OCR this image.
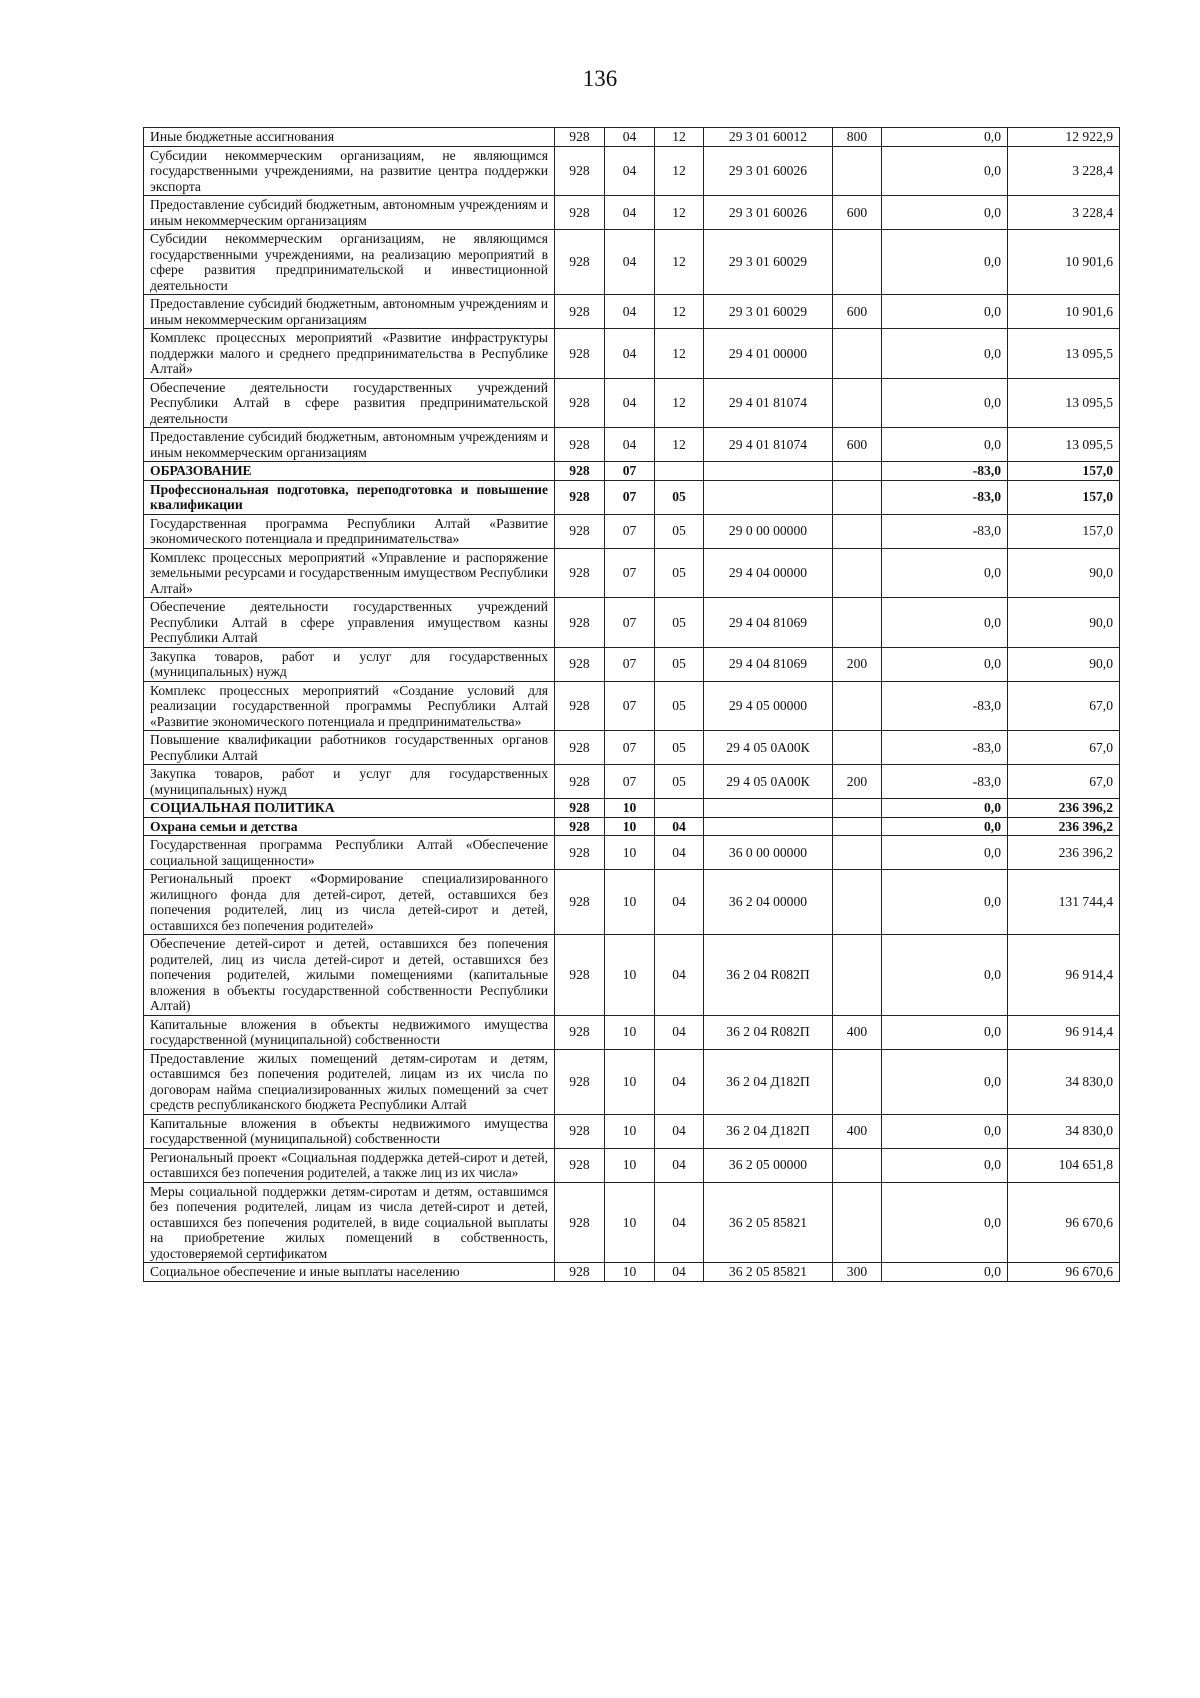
136
Иные бюджетные ассигнования	928	04	12	29 3 01 60012	800	0,0	12 922,9
Субсидии некоммерческим организациям, не являющимся государственными учреждениями, на развитие центра поддержки экспорта	928	04	12	29 3 01 60026		0,0	3 228,4
Предоставление субсидий бюджетным, автономным учреждениям и иным некоммерческим организациям	928	04	12	29 3 01 60026	600	0,0	3 228,4
Субсидии некоммерческим организациям, не являющимся государственными учреждениями, на реализацию мероприятий в сфере развития предпринимательской и инвестиционной деятельности	928	04	12	29 3 01 60029		0,0	10 901,6
Предоставление субсидий бюджетным, автономным учреждениям и иным некоммерческим организациям	928	04	12	29 3 01 60029	600	0,0	10 901,6
Комплекс процессных мероприятий «Развитие инфраструктуры поддержки малого и среднего предпринимательства в Республике Алтай»	928	04	12	29 4 01 00000		0,0	13 095,5
Обеспечение деятельности государственных учреждений Республики Алтай в сфере развития предпринимательской деятельности	928	04	12	29 4 01 81074		0,0	13 095,5
Предоставление субсидий бюджетным, автономным учреждениям и иным некоммерческим организациям	928	04	12	29 4 01 81074	600	0,0	13 095,5
ОБРАЗОВАНИЕ	928	07				-83,0	157,0
Профессиональная подготовка, переподготовка и повышение квалификации	928	07	05			-83,0	157,0
Государственная программа Республики Алтай «Развитие экономического потенциала и предпринимательства»	928	07	05	29 0 00 00000		-83,0	157,0
Комплекс процессных мероприятий «Управление и распоряжение земельными ресурсами и государственным имуществом Республики Алтай»	928	07	05	29 4 04 00000		0,0	90,0
Обеспечение деятельности государственных учреждений Республики Алтай в сфере управления имуществом казны Республики Алтай	928	07	05	29 4 04 81069		0,0	90,0
Закупка товаров, работ и услуг для государственных (муниципальных) нужд	928	07	05	29 4 04 81069	200	0,0	90,0
Комплекс процессных мероприятий «Создание условий для реализации государственной программы Республики Алтай «Развитие экономического потенциала и предпринимательства»	928	07	05	29 4 05 00000		-83,0	67,0
Повышение квалификации работников государственных органов Республики Алтай	928	07	05	29 4 05 0А00К		-83,0	67,0
Закупка товаров, работ и услуг для государственных (муниципальных) нужд	928	07	05	29 4 05 0А00К	200	-83,0	67,0
СОЦИАЛЬНАЯ ПОЛИТИКА	928	10				0,0	236 396,2
Охрана семьи и детства	928	10	04			0,0	236 396,2
Государственная программа Республики Алтай «Обеспечение социальной защищенности»	928	10	04	36 0 00 00000		0,0	236 396,2
Региональный проект «Формирование специализированного жилищного фонда для детей-сирот, детей, оставшихся без попечения родителей, лиц из числа детей-сирот и детей, оставшихся без попечения родителей»	928	10	04	36 2 04 00000		0,0	131 744,4
Обеспечение детей-сирот и детей, оставшихся без попечения родителей, лиц из числа детей-сирот и детей, оставшихся без попечения родителей, жилыми помещениями (капитальные вложения в объекты государственной собственности Республики Алтай)	928	10	04	36 2 04 R082П		0,0	96 914,4
Капитальные вложения в объекты недвижимого имущества государственной (муниципальной) собственности	928	10	04	36 2 04 R082П	400	0,0	96 914,4
Предоставление жилых помещений детям-сиротам и детям, оставшимся без попечения родителей, лицам из их числа по договорам найма специализированных жилых помещений за счет средств республиканского бюджета Республики Алтай	928	10	04	36 2 04 Д182П		0,0	34 830,0
Капитальные вложения в объекты недвижимого имущества государственной (муниципальной) собственности	928	10	04	36 2 04 Д182П	400	0,0	34 830,0
Региональный проект «Социальная поддержка детей-сирот и детей, оставшихся без попечения родителей, а также лиц из их числа»	928	10	04	36 2 05 00000		0,0	104 651,8
Меры социальной поддержки детям-сиротам и детям, оставшимся без попечения родителей, лицам из числа детей-сирот и детей, оставшихся без попечения родителей, в виде социальной выплаты на приобретение жилых помещений в собственность, удостоверяемой сертификатом	928	10	04	36 2 05 85821		0,0	96 670,6
Социальное обеспечение и иные выплаты населению	928	10	04	36 2 05 85821	300	0,0	96 670,6
